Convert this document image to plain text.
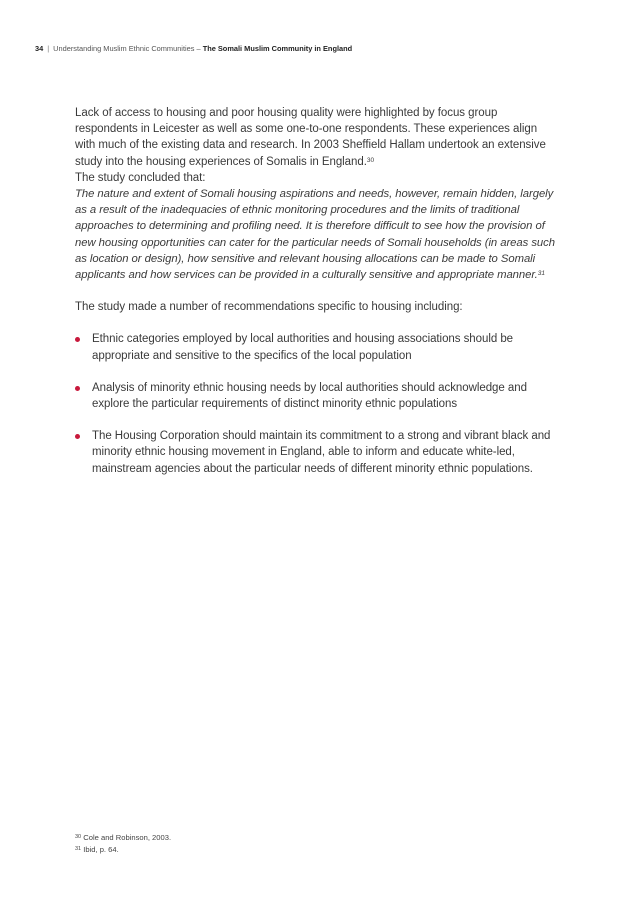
34 | Understanding Muslim Ethnic Communities – The Somali Muslim Community in England

Lack of access to housing and poor housing quality were highlighted by focus group respondents in Leicester as well as some one-to-one respondents. These experiences align with much of the existing data and research. In 2003 Sheffield Hallam undertook an extensive study into the housing experiences of Somalis in England.$^{30}$

The study concluded that:

The nature and extent of Somali housing aspirations and needs, however, remain hidden, largely as a result of the inadequacies of ethnic monitoring procedures and the limits of traditional approaches to determining and profiling need. It is therefore difficult to see how the provision of new housing opportunities can cater for the particular needs of Somali households (in areas such as location or design), how sensitive and relevant housing allocations can be made to Somali applicants and how services can be provided in a culturally sensitive and appropriate manner.$^{31}$

The study made a number of recommendations specific to housing including:

Ethnic categories employed by local authorities and housing associations should be appropriate and sensitive to the specifics of the local population
Analysis of minority ethnic housing needs by local authorities should acknowledge and explore the particular requirements of distinct minority ethnic populations
The Housing Corporation should maintain its commitment to a strong and vibrant black and minority ethnic housing movement in England, able to inform and educate white-led, mainstream agencies about the particular needs of different minority ethnic populations.
$^{30}$ Cole and Robinson, 2003.
$^{31}$ Ibid, p. 64.
